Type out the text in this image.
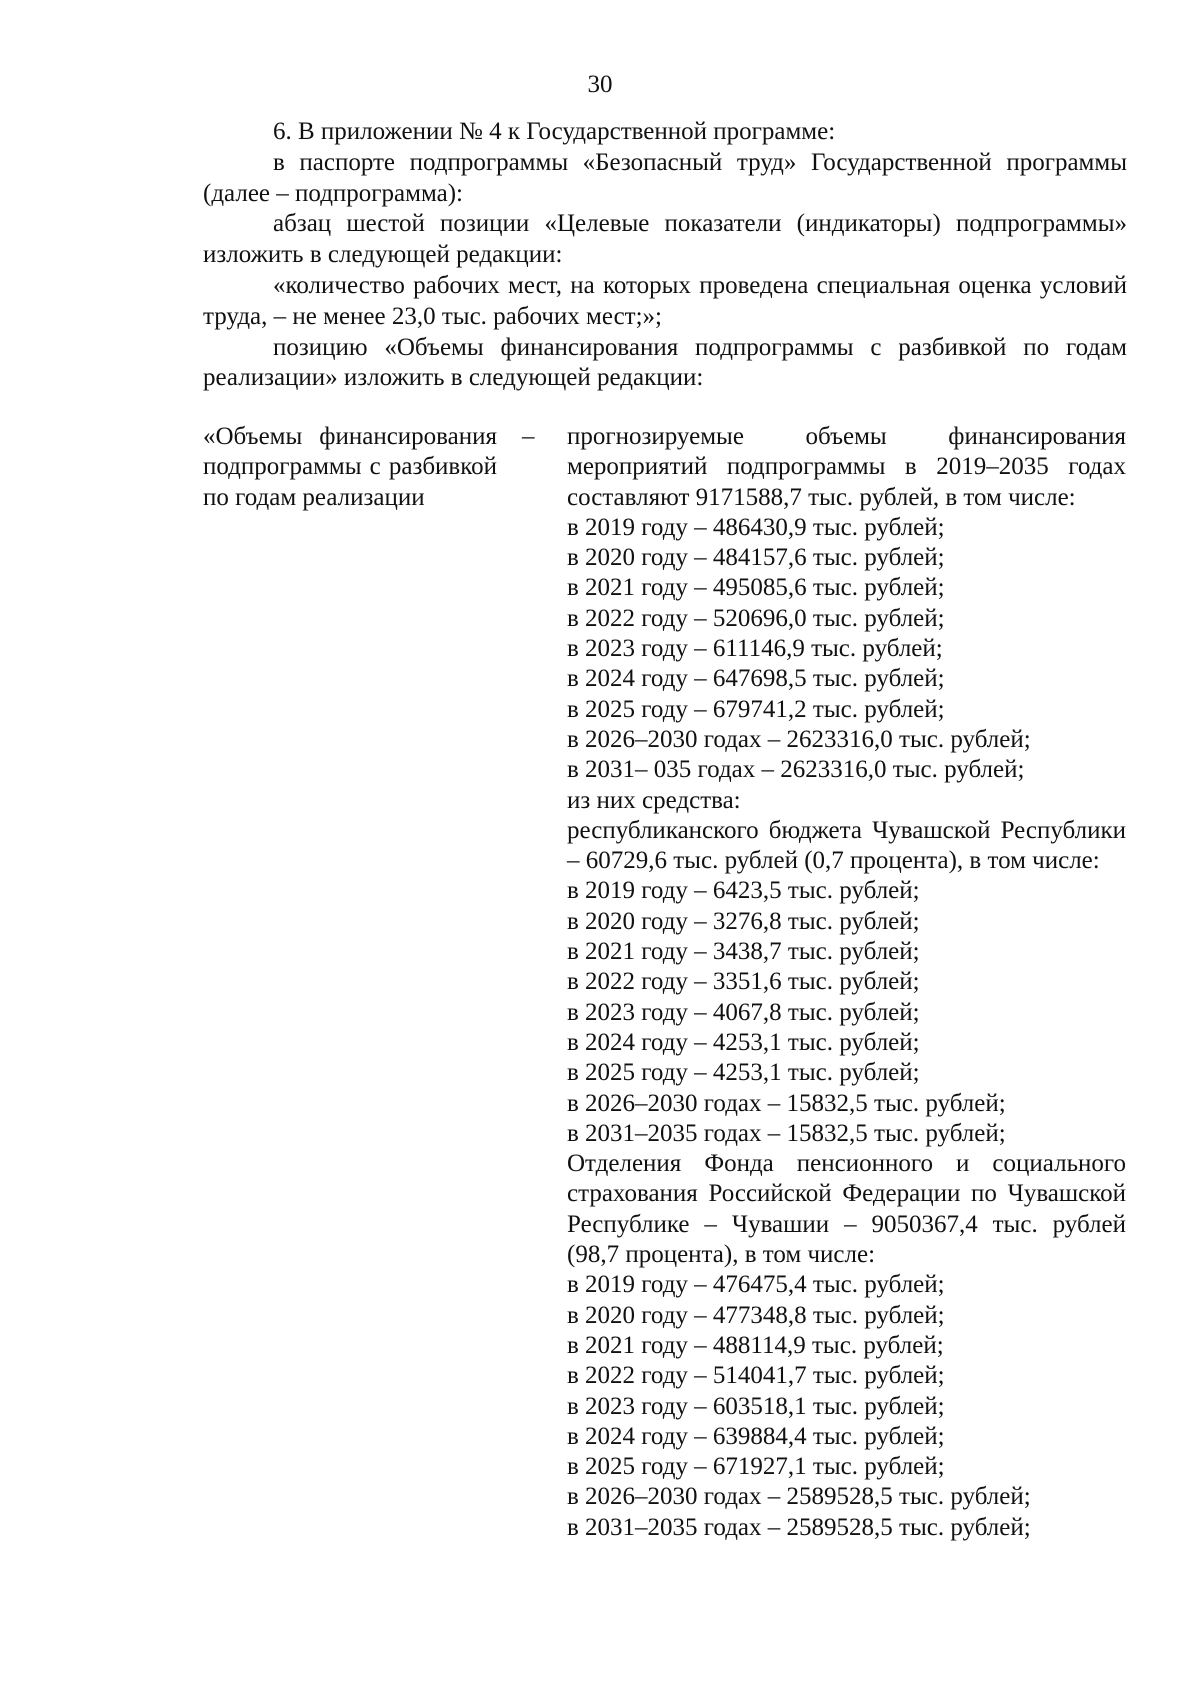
30

6. В приложении № 4 к Государственной программе:

в паспорте подпрограммы «Безопасный труд» Государственной программы (далее – подпрограмма):

абзац шестой позиции «Целевые показатели (индикаторы) подпрограммы» изложить в следующей редакции:

«количество рабочих мест, на которых проведена специальная оценка условий труда, – не менее 23,0 тыс. рабочих мест;»;

позицию «Объемы финансирования подпрограммы с разбивкой по годам реализации» изложить в следующей редакции:

«Объемы финансирования подпрограммы с разбивкой по годам реализации
– прогнозируемые объемы финансирования мероприятий подпрограммы в 2019–2035 годах составляют 9171588,7 тыс. рублей, в том числе:
в 2019 году – 486430,9 тыс. рублей;
в 2020 году – 484157,6 тыс. рублей;
в 2021 году – 495085,6 тыс. рублей;
в 2022 году – 520696,0 тыс. рублей;
в 2023 году – 611146,9 тыс. рублей;
в 2024 году – 647698,5 тыс. рублей;
в 2025 году – 679741,2 тыс. рублей;
в 2026–2030 годах – 2623316,0 тыс. рублей;
в 2031– 035 годах – 2623316,0 тыс. рублей;
из них средства:
республиканского бюджета Чувашской Республики – 60729,6 тыс. рублей (0,7 процента), в том числе:
в 2019 году – 6423,5 тыс. рублей;
в 2020 году – 3276,8 тыс. рублей;
в 2021 году – 3438,7 тыс. рублей;
в 2022 году – 3351,6 тыс. рублей;
в 2023 году – 4067,8 тыс. рублей;
в 2024 году – 4253,1 тыс. рублей;
в 2025 году – 4253,1 тыс. рублей;
в 2026–2030 годах – 15832,5 тыс. рублей;
в 2031–2035 годах – 15832,5 тыс. рублей;
Отделения Фонда пенсионного и социального страхования Российской Федерации по Чувашской Республике – Чувашии – 9050367,4 тыс. рублей (98,7 процента), в том числе:
в 2019 году – 476475,4 тыс. рублей;
в 2020 году – 477348,8 тыс. рублей;
в 2021 году – 488114,9 тыс. рублей;
в 2022 году – 514041,7 тыс. рублей;
в 2023 году – 603518,1 тыс. рублей;
в 2024 году – 639884,4 тыс. рублей;
в 2025 году – 671927,1 тыс. рублей;
в 2026–2030 годах – 2589528,5 тыс. рублей;
в 2031–2035 годах – 2589528,5 тыс. рублей;
